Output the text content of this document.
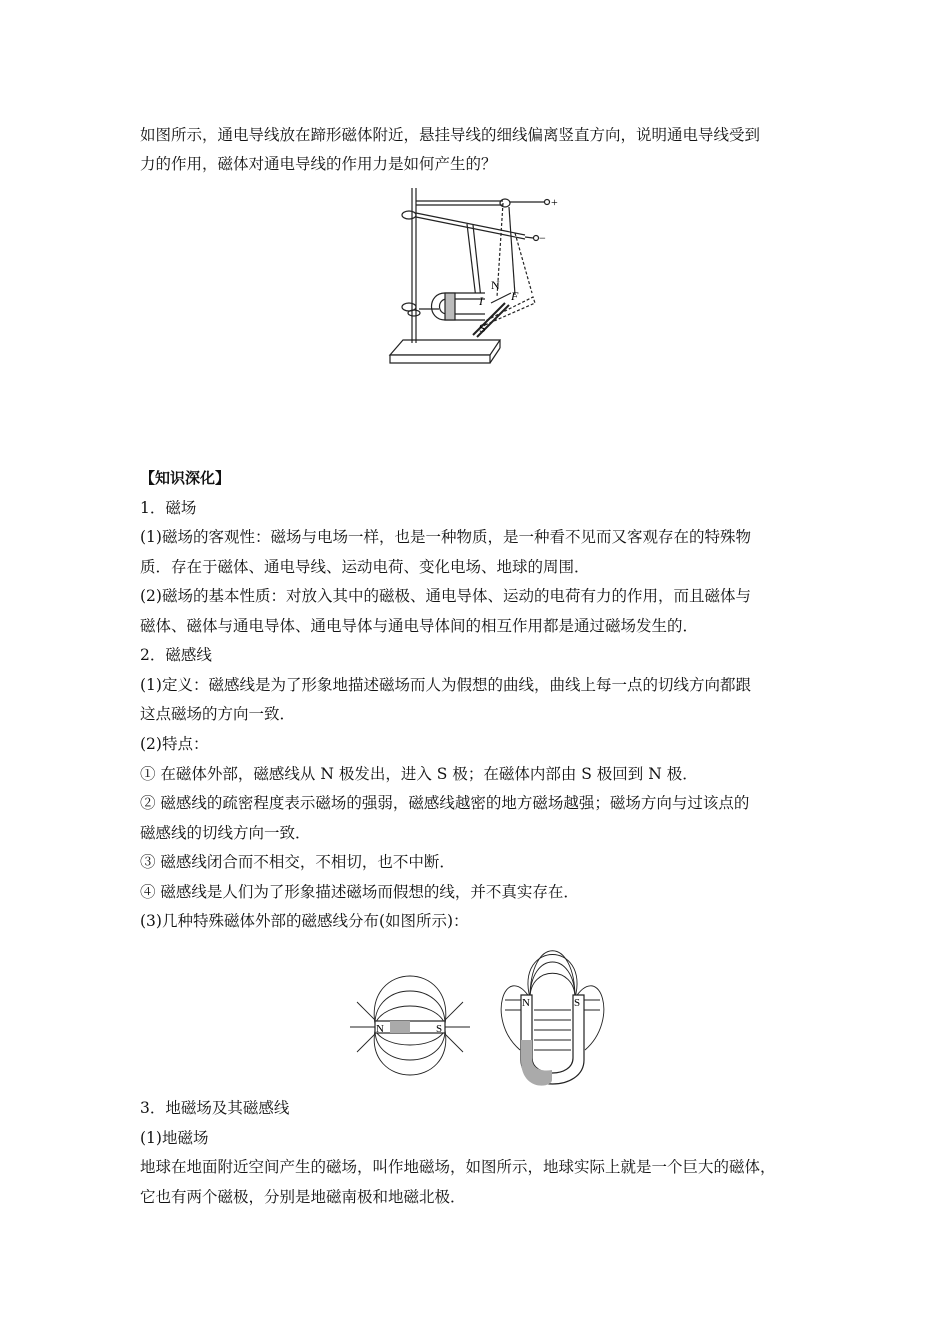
如图所示，通电导线放在蹄形磁体附近，悬挂导线的细线偏离竖直方向，说明通电导线受到

力的作用，磁体对通电导线的作用力是如何产生的？

+
−
N
S
I F

【知识深化】

1．磁场

(1)磁场的客观性：磁场与电场一样，也是一种物质，是一种看不见而又客观存在的特殊物

质．存在于磁体、通电导线、运动电荷、变化电场、地球的周围．

(2)磁场的基本性质：对放入其中的磁极、通电导体、运动的电荷有力的作用，而且磁体与

磁体、磁体与通电导体、通电导体与通电导体间的相互作用都是通过磁场发生的．

2．磁感线

(1)定义：磁感线是为了形象地描述磁场而人为假想的曲线，曲线上每一点的切线方向都跟

这点磁场的方向一致．

(2)特点：

① 在磁体外部，磁感线从 N 极发出，进入 S 极；在磁体内部由 S 极回到 N 极．

② 磁感线的疏密程度表示磁场的强弱，磁感线越密的地方磁场越强；磁场方向与过该点的

磁感线的切线方向一致．

③ 磁感线闭合而不相交，不相切，也不中断．

④ 磁感线是人们为了形象描述磁场而假想的线，并不真实存在．

(3)几种特殊磁体外部的磁感线分布(如图所示)：

N	S
N	S

3．地磁场及其磁感线

(1)地磁场

地球在地面附近空间产生的磁场，叫作地磁场，如图所示，地球实际上就是一个巨大的磁体，

它也有两个磁极，分别是地磁南极和地磁北极．
